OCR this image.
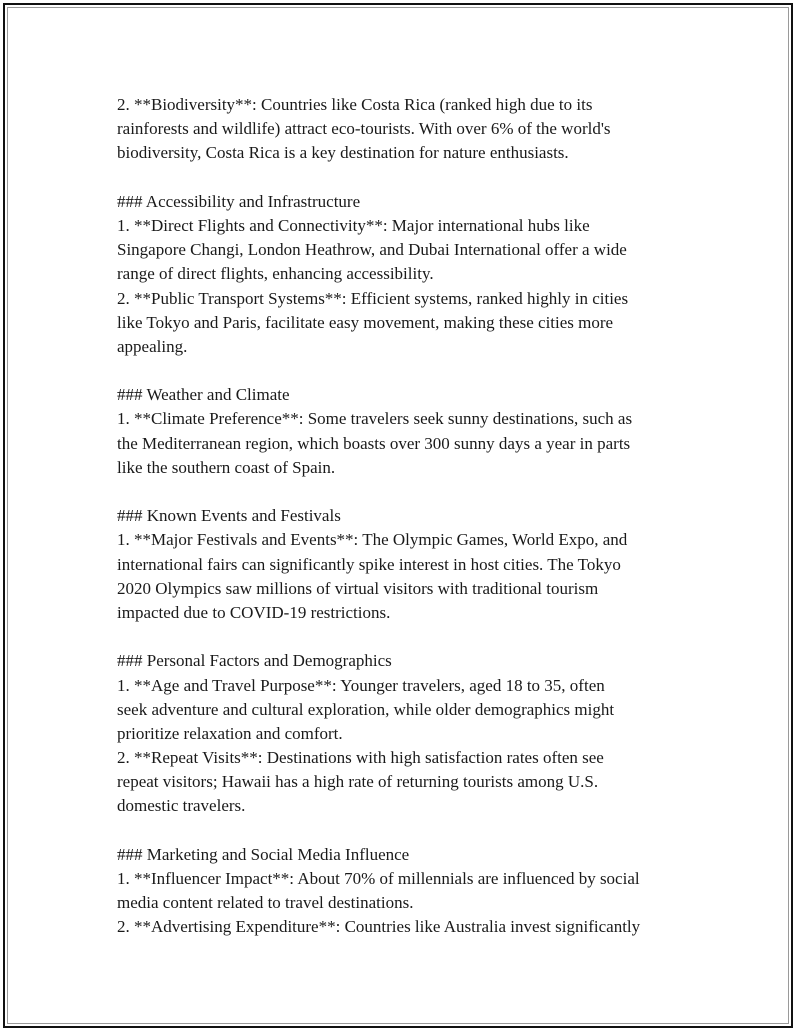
2. **Biodiversity**: Countries like Costa Rica (ranked high due to its
rainforests and wildlife) attract eco-tourists. With over 6% of the world's
biodiversity, Costa Rica is a key destination for nature enthusiasts.
### Accessibility and Infrastructure
1. **Direct Flights and Connectivity**: Major international hubs like
Singapore Changi, London Heathrow, and Dubai International offer a wide
range of direct flights, enhancing accessibility.
2. **Public Transport Systems**: Efficient systems, ranked highly in cities
like Tokyo and Paris, facilitate easy movement, making these cities more
appealing.
### Weather and Climate
1. **Climate Preference**: Some travelers seek sunny destinations, such as
the Mediterranean region, which boasts over 300 sunny days a year in parts
like the southern coast of Spain.
### Known Events and Festivals
1. **Major Festivals and Events**: The Olympic Games, World Expo, and
international fairs can significantly spike interest in host cities. The Tokyo
2020 Olympics saw millions of virtual visitors with traditional tourism
impacted due to COVID-19 restrictions.
### Personal Factors and Demographics
1. **Age and Travel Purpose**: Younger travelers, aged 18 to 35, often
seek adventure and cultural exploration, while older demographics might
prioritize relaxation and comfort.
2. **Repeat Visits**: Destinations with high satisfaction rates often see
repeat visitors; Hawaii has a high rate of returning tourists among U.S.
domestic travelers.
### Marketing and Social Media Influence
1. **Influencer Impact**: About 70% of millennials are influenced by social
media content related to travel destinations.
2. **Advertising Expenditure**: Countries like Australia invest significantly
